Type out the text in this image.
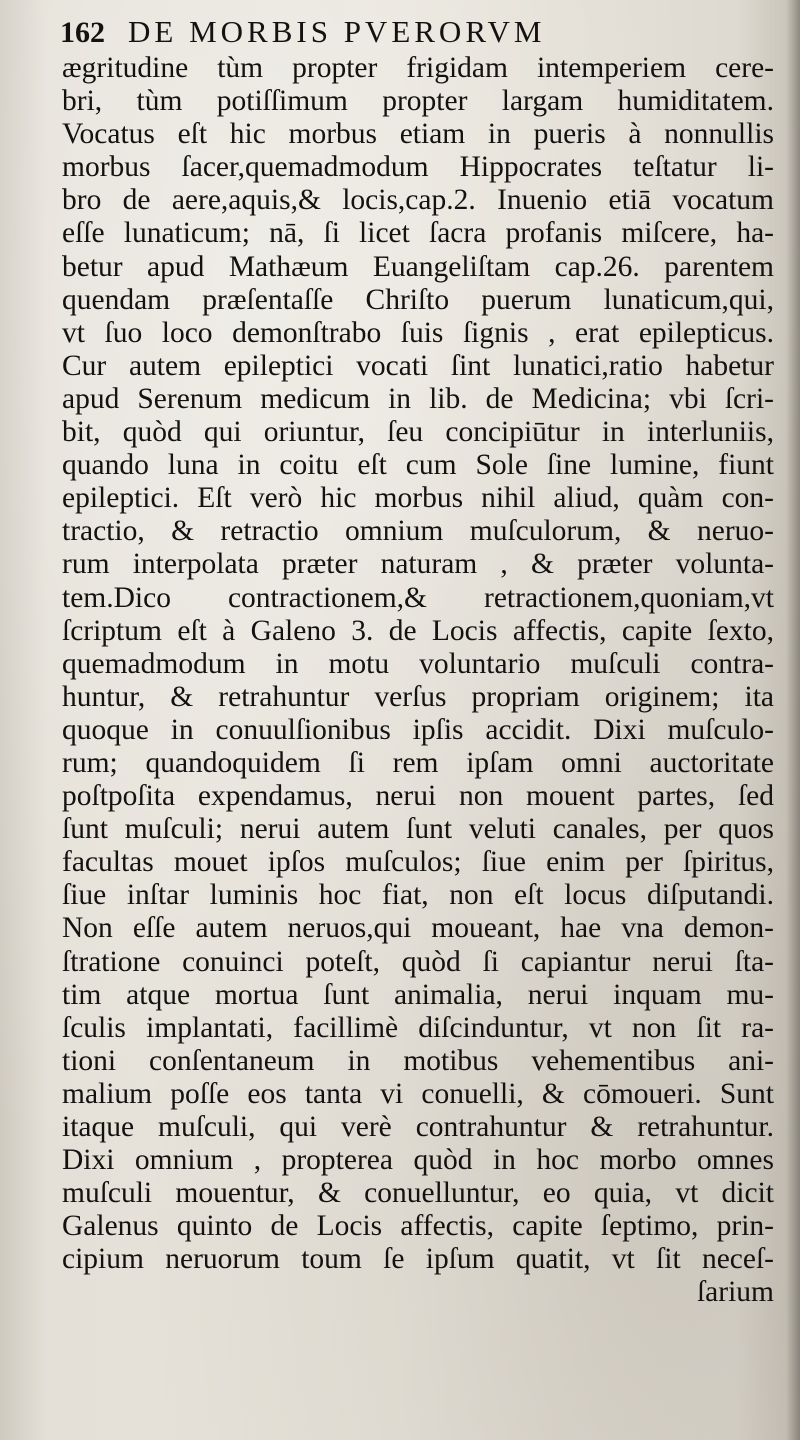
162 DE MORBIS PVERORVM
ægritudine tùm propter frigidam intemperiem cere-
bri, tùm potiſſimum propter largam humiditatem.
Vocatus eſt hic morbus etiam in pueris à nonnullis
morbus ſacer,quemadmodum Hippocrates teſtatur li-
bro de aere,aquis,& locis,cap.2. Inuenio etiā vocatum
eſſe lunaticum; nā, ſi licet ſacra profanis miſcere, ha-
betur apud Mathæum Euangeliſtam cap.26. parentem
quendam præſentaſſe Chriſto puerum lunaticum,qui,
vt ſuo loco demonſtrabo ſuis ſignis , erat epilepticus.
Cur autem epileptici vocati ſint lunatici,ratio habetur
apud Serenum medicum in lib. de Medicina; vbi ſcri-
bit, quòd qui oriuntur, ſeu concipiūtur in interluniis,
quando luna in coitu eſt cum Sole ſine lumine, fiunt
epileptici. Eſt verò hic morbus nihil aliud, quàm con-
tractio, & retractio omnium muſculorum, & neruo-
rum interpolata præter naturam , & præter volunta-
tem.Dico contractionem,& retractionem,quoniam,vt
ſcriptum eſt à Galeno 3. de Locis affectis, capite ſexto,
quemadmodum in motu voluntario muſculi contra-
huntur, & retrahuntur verſus propriam originem; ita
quoque in conuulſionibus ipſis accidit. Dixi muſculo-
rum; quandoquidem ſi rem ipſam omni auctoritate
poſtpoſita expendamus, nerui non mouent partes, ſed
ſunt muſculi; nerui autem ſunt veluti canales, per quos
facultas mouet ipſos muſculos; ſiue enim per ſpiritus,
ſiue inſtar luminis hoc fiat, non eſt locus diſputandi.
Non eſſe autem neruos,qui moueant, hae vna demon-
ſtratione conuinci poteſt, quòd ſi capiantur nerui ſta-
tim atque mortua ſunt animalia, nerui inquam mu-
ſculis implantati, facillimè diſcinduntur, vt non ſit ra-
tioni conſentaneum in motibus vehementibus ani-
malium poſſe eos tanta vi conuelli, & cōmoueri. Sunt
itaque muſculi, qui verè contrahuntur & retrahuntur.
Dixi omnium , propterea quòd in hoc morbo omnes
muſculi mouentur, & conuelluntur, eo quia, vt dicit
Galenus quinto de Locis affectis, capite ſeptimo, prin-
cipium neruorum toum ſe ipſum quatit, vt ſit neceſ-
ſarium
